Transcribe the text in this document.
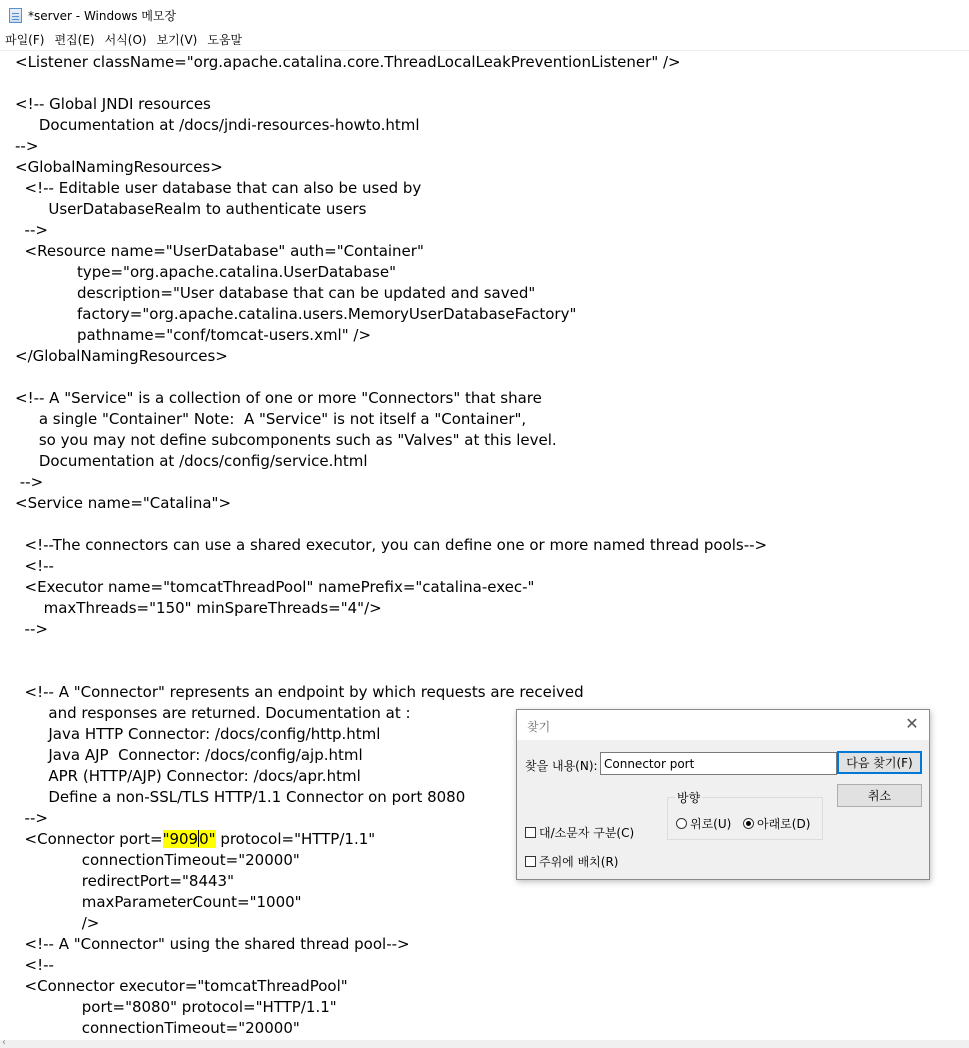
*server - Windows 메모장
파일(F) 편집(E) 서식(O) 보기(V) 도움말
<Listener className="org.apache.catalina.core.ThreadLocalLeakPreventionListener" />
<!-- Global JNDI resources
Documentation at /docs/jndi-resources-howto.html
-->
<GlobalNamingResources>
<!-- Editable user database that can also be used by
UserDatabaseRealm to authenticate users
-->
<Resource name="UserDatabase" auth="Container"
type="org.apache.catalina.UserDatabase"
description="User database that can be updated and saved"
factory="org.apache.catalina.users.MemoryUserDatabaseFactory"
pathname="conf/tomcat-users.xml" />
</GlobalNamingResources>
<!-- A "Service" is a collection of one or more "Connectors" that share
a single "Container" Note:  A "Service" is not itself a "Container",
so you may not define subcomponents such as "Valves" at this level.
Documentation at /docs/config/service.html
-->
<Service name="Catalina">
<!--The connectors can use a shared executor, you can define one or more named thread pools-->
<!--
<Executor name="tomcatThreadPool" namePrefix="catalina-exec-"
maxThreads="150" minSpareThreads="4"/>
-->
<!-- A "Connector" represents an endpoint by which requests are received
and responses are returned. Documentation at :
Java HTTP Connector: /docs/config/http.html
Java AJP  Connector: /docs/config/ajp.html
APR (HTTP/AJP) Connector: /docs/apr.html
Define a non-SSL/TLS HTTP/1.1 Connector on port 8080
-->
<Connector port="9090" protocol="HTTP/1.1"
connectionTimeout="20000"
redirectPort="8443"
maxParameterCount="1000"
/>
<!-- A "Connector" using the shared thread pool-->
<!--
<Connector executor="tomcatThreadPool"
port="8080" protocol="HTTP/1.1"
connectionTimeout="20000"
‹
찾기	✕
찾을 내용(N):
Connector port	다음 찾기(F)
취소
방향
위로(U) 아래로(D)
대/소문자 구분(C)
주위에 배치(R)
